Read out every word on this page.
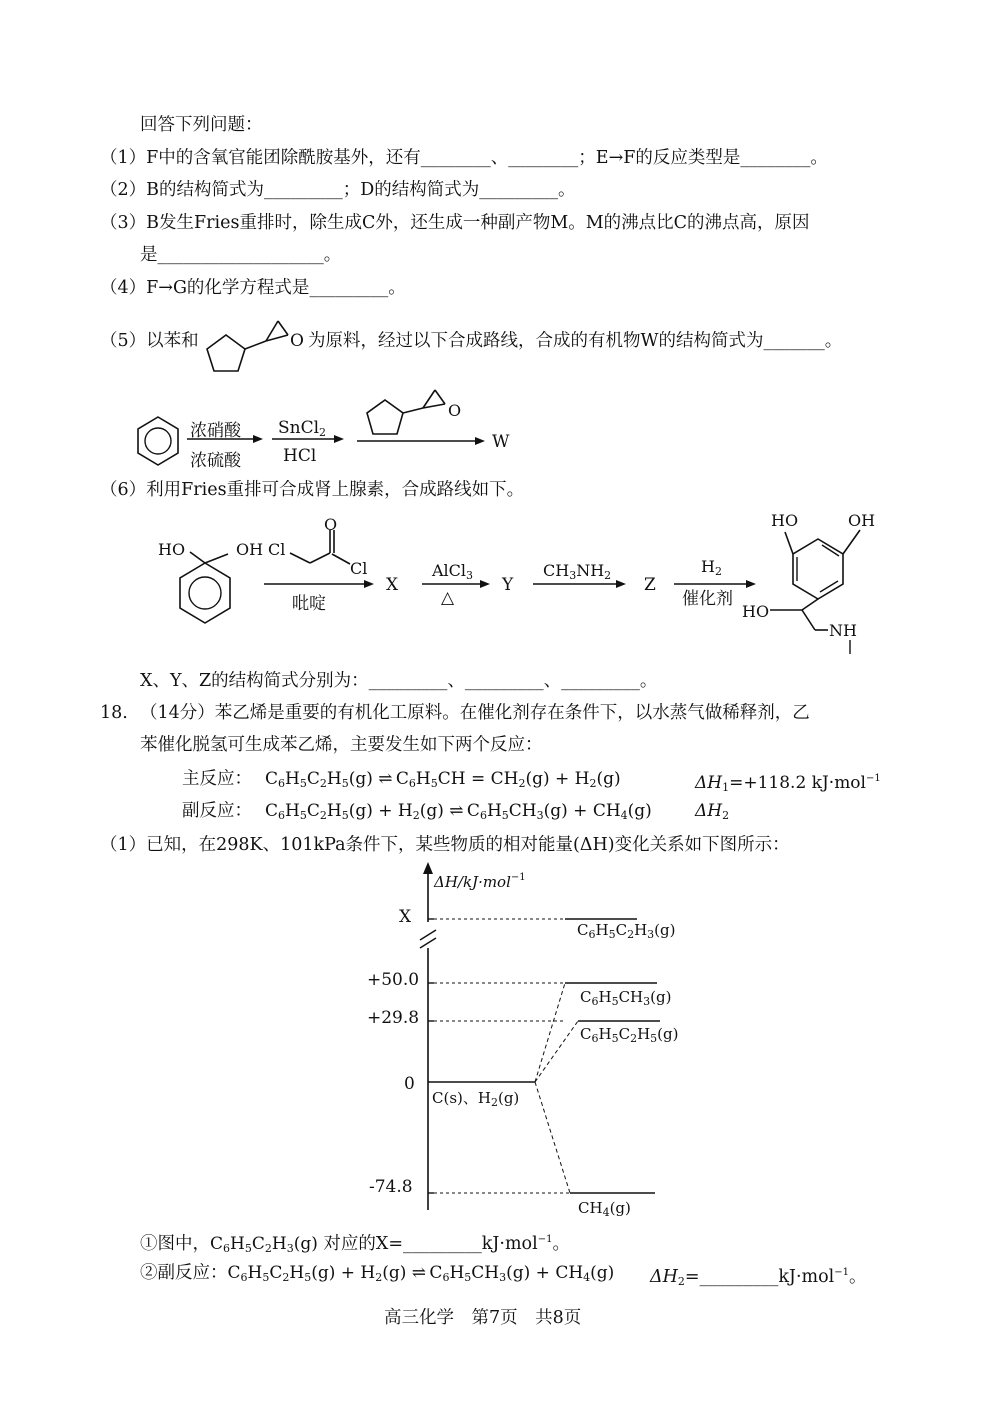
回答下列问题：
（1）F中的含氧官能团除酰胺基外，还有________、________；E→F的反应类型是________。
（2）B的结构简式为_________；D的结构简式为_________。
（3）B发生Fries重排时，除生成C外，还生成一种副产物M。M的沸点比C的沸点高，原因
是___________________。
（4）F→G的化学方程式是_________。
（5）以苯和	O 为原料，经过以下合成路线，合成的有机物W的结构简式为_______。
浓硝酸
浓硫酸
SnCl$_2$
HCl
O
W
（6）利用Fries重排可合成肾上腺素，合成路线如下。
HO	OH Cl
O
Cl
吡啶
X
AlCl$_3$
△
Y
$CH_3NH_2$ Z
$H_2$
催化剂
HO	OH
HO
NH
X、Y、Z的结构简式分别为：_________、_________、_________。
18. （14分）苯乙烯是重要的有机化工原料。在催化剂存在条件下，以水蒸气做稀释剂，乙
苯催化脱氢可生成苯乙烯，主要发生如下两个反应：
主反应： $C_6H_5C_2H_5(g)$ ⇌ $C_6H_5CH = CH_2(g) + H_2(g)$	$\Delta H_1=+118.2$ kJ·mol$^{-1}$
副反应： $C_6H_5C_2H_5(g) + H_2(g)$ ⇌ $C_6H_5CH_3(g) + CH_4(g)$	$\Delta H_2$
（1）已知，在298K、101kPa条件下，某些物质的相对能量(ΔH)变化关系如下图所示：
ΔH/kJ·mol$^{-1}$
X
+50.0
+29.8
0
-74.8
$C_6H_5C_2H_3(g)$
$C_6H_5CH_3(g)$
$C_6H_5C_2H_5(g)$
C(s)、$H_2(g)$
$CH_4(g)$
①图中，$C_6H_5C_2H_3(g)$ 对应的X=_________kJ·mol$^{-1}$。
②副反应：$C_6H_5C_2H_5(g) + H_2(g)$ ⇌ $C_6H_5CH_3(g) + CH_4(g)$ $\Delta H_2=\_\_\_\_\_\_\_\_\_kJ\cdot mol^{-1}$。
高三化学　第7页　共8页
